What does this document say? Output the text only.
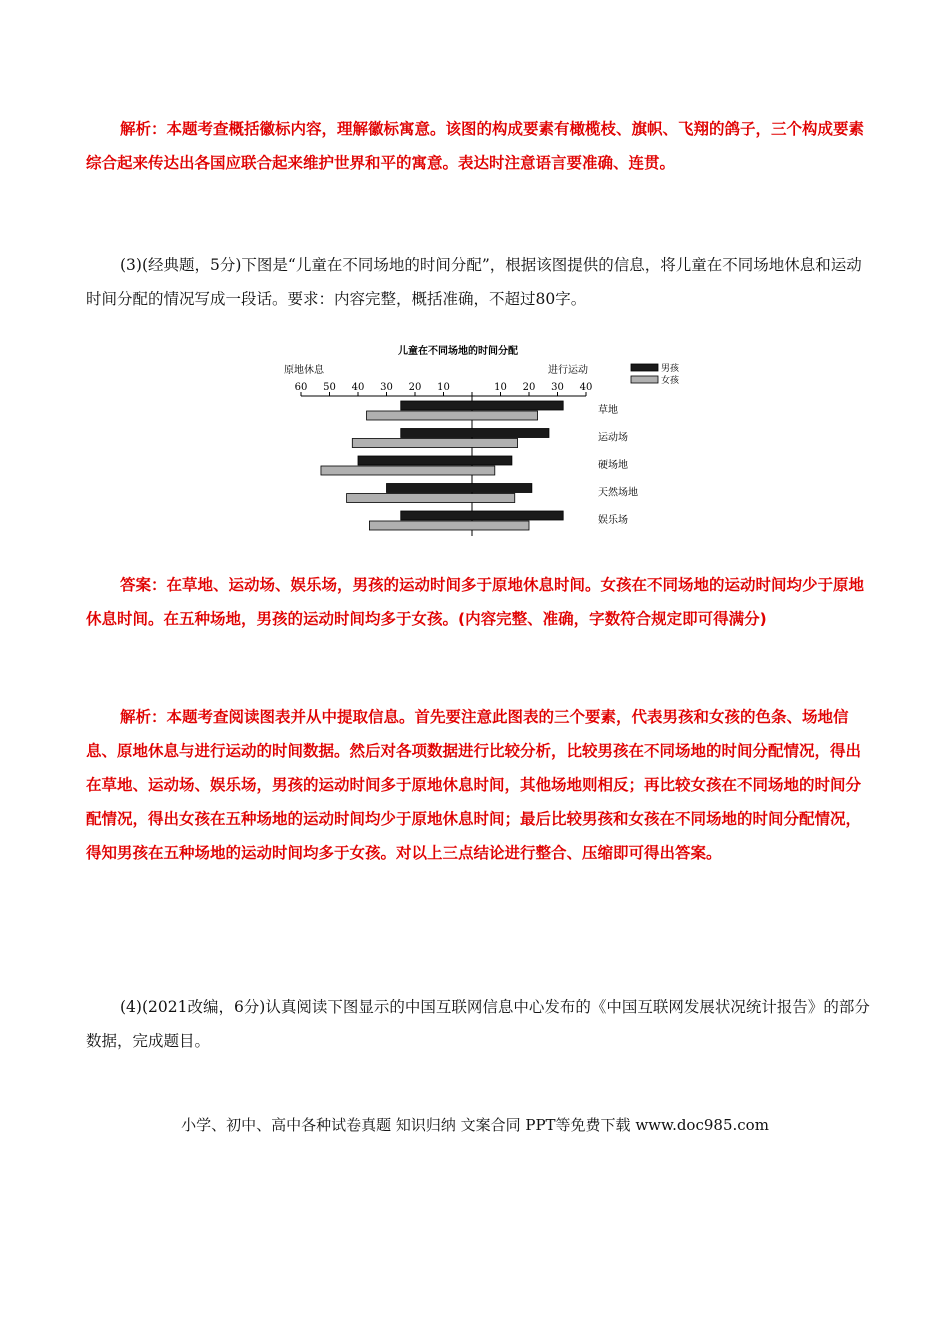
解析：本题考查概括徽标内容，理解徽标寓意。该图的构成要素有橄榄枝、旗帜、飞翔的鸽子，三个构成要素综合起来传达出各国应联合起来维护世界和平的寓意。表达时注意语言要准确、连贯。
(3)(经典题，5分)下图是“儿童在不同场地的时间分配”，根据该图提供的信息，将儿童在不同场地休息和运动时间分配的情况写成一段话。要求：内容完整，概括准确，不超过80字。
儿童在不同场地的时间分配
原地休息	进行运动	男孩
女孩
60 50 40 30 20 10	10 20 30 40
草地
运动场
硬场地
天然场地
娱乐场
答案：在草地、运动场、娱乐场，男孩的运动时间多于原地休息时间。女孩在不同场地的运动时间均少于原地休息时间。在五种场地，男孩的运动时间均多于女孩。(内容完整、准确，字数符合规定即可得满分)
解析：本题考查阅读图表并从中提取信息。首先要注意此图表的三个要素，代表男孩和女孩的色条、场地信息、原地休息与进行运动的时间数据。然后对各项数据进行比较分析，比较男孩在不同场地的时间分配情况，得出在草地、运动场、娱乐场，男孩的运动时间多于原地休息时间，其他场地则相反；再比较女孩在不同场地的时间分配情况，得出女孩在五种场地的运动时间均少于原地休息时间；最后比较男孩和女孩在不同场地的时间分配情况，得知男孩在五种场地的运动时间均多于女孩。对以上三点结论进行整合、压缩即可得出答案。
(4)(2021改编，6分)认真阅读下图显示的中国互联网信息中心发布的《中国互联网发展状况统计报告》的部分数据，完成题目。
小学、初中、高中各种试卷真题 知识归纳 文案合同 PPT等免费下载 www.doc985.com
